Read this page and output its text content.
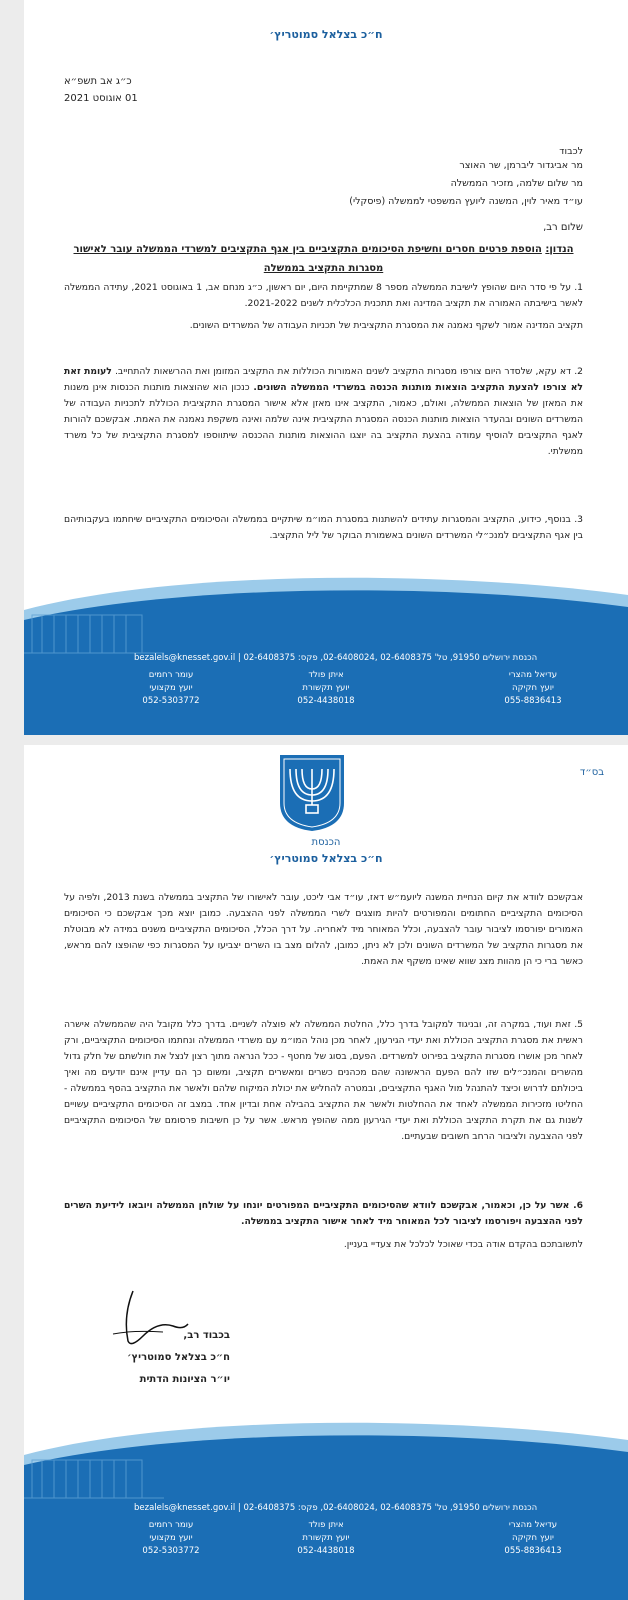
ח״כ בצלאל סמוטריץ׳
כ״ג אב תשפ״א
01 אוגוסט 2021
לכבוד
מר אביגדור ליברמן, שר האוצר
מר שלום שלמה, מזכיר הממשלה
עו״ד מאיר לוין, המשנה ליועץ המשפטי לממשלה (פיסקלי)
שלום רב,
הנדון: הוספת פרטים חסרים וחשיפת הסיכומים התקציביים בין אגף התקציבים למשרדי הממשלה עובר לאישור מסגרות התקציב בממשלה
1. על פי סדר היום שהופץ לישיבת הממשלה מספר 8 שמתקיימת היום, יום ראשון, כ״ג מנחם אב, 1 באוגוסט 2021, עתידה הממשלה לאשר בישיבתה האמורה את תקציב המדינה ואת תתכנית הכלכלית לשנים 2021-2022.
תקציב המדינה אמור לשקף נאמנה את המסגרת התקציבית של תכניות העבודה של המשרדים השונים.
2. דא עקא, שלסדר היום צורפו מסגרות התקציב לשנים האמורות הכוללות את התקציב המזומן ואת ההרשאות להתחייב. לעומת זאת לא צורפו להצעת התקציב הוצאות מותנות הכנסה במשרדי הממשלה השונים. כנכון הוא שהוצאות מותנות הכנסות אינן משנות את המאזן של הוצאות הממשלה, ואולם, כאמור, התקציב אינו מאזן אלא אישור המסגרת התקציבית הכוללת לתכניות העבודה של המשרדים השונים ובהעדר הוצאות מותנות הכנסה המסגרת התקציבית אינה שלמה ואינה משקפת נאמנה את האמת. אבקשכם להורות לאגף התקציבים להוסיף עמודה בהצעת התקציב בה יוצגו ההוצאות מותנות ההכנסה שיתווספו למסגרת התקציבית של כל משרד ממשלתי.
3. בנוסף, כידוע, התקציב והמסגרות עתידים להשתנות במסגרת המו״מ שיתקיים בממשלה והסיכומים התקציביים שיחתמו בעקבותיהם בין אגף התקציבים למנכ״לי המשרדים השונים באשמורת הבוקר של ליל התקציב.
הכנסת ירושלים 91950, טל' 02-6408375 ,02-6408024, פקס: bezalels@knesset.gov.il | 02-6408375
עדיאל מהצרי
יועץ חקיקה
055-8836413
איתן פולד
יועץ תקשורת
052-4438018
עומר רחמים
יועץ מקצועי
052-5303772
בס״ד
הכנסת
ח״כ בצלאל סמוטריץ׳
אבקשכם לוודא את קיום הנחיית המשנה ליועמ״ש דאז, עו״ד אבי ליכט, עובר לאישורו של התקציב בממשלה בשנת 2013, ולפיה על הסיכומים התקציביים החתומים והמפורטים להיות מוצגים לשרי הממשלה לפני ההצבעה. כמובן יוצא מכך אבקשכם כי הסיכומים האמורים יפורסמו לציבור עובר להצבעה, וכלל המאוחר מיד לאחריה. על דרך הכלל, הסיכומים התקציביים משנים במידה לא מבוטלת את מסגרות התקציב של המשרדים השונים ולכן לא ניתן, כמובן, להלום מצב בו השרים יצביעו על המסגרות כפי שהופצו להם מראש, כאשר ברי כי הן מהוות מצג שווא שאינו משקף את האמת.
5. זאת ועוד, במקרה זה, ובניגוד למקובל בדרך כלל, החלטת הממשלה לא פוצלה לשניים. בדרך כלל מקובל היה שהממשלה אישרה ראשית את מסגרת התקציב הכוללת ואת יעדי הגירעון, לאחר מכן נוהל המו״מ עם משרדי הממשלה ונחתמו הסיכומים התקציביים, ורק לאחר מכן אושרו מסגרות התקציב בפירוט למשרדים. הפעם, בסוג של מחטף - ככל הנראה מתוך רצון לנצל את חולשתם של חלק גדול מהשרים והמנכ״לים שזו להם הפעם הראשונה שהם מכהנים כשרים ומאשרים תקציב, ומשום כך הם עדיין אינם יודעים מה ואיך ביכולתם לדרוש וכיצד להתנהל מול האגף התקציבים, ובמטרה להחליש את יכולת המיקוח שלהם ולאשר את התקציב בהסף בממשלה - החליטו מזכירות הממשלה לאחד את ההחלטות ולאשר את התקציב בהבילה אחת ובדיון אחד. במצב זה הסיכומים התקציביים עשויים לשנות גם את תקרת התקציב הכוללת ואת יעדי הגירעון ממה שהופץ מראש. אשר על כן חשיבות פרסומם של הסיכומים התקציביים לפני ההצבעה ולציבור הרחב חשובים שבעתיים.
6. אשר על כן, וכאמור, אבקשכם לוודא שהסיכומים התקציביים המפורטים יונחו על שולחן הממשלה ויובאו לידיעת השרים לפני ההצבעה ויפורסמו לציבור לכל המאוחר מיד לאחר אישור התקציב בממשלה.
לתשובתכם בהקדם אודה בכדי שאוכל לכלכל את צעדיי בעניין.
בכבוד רב,
ח״כ בצלאל סמוטריץ׳
יו״ר הציונות הדתית
הכנסת ירושלים 91950, טל' 02-6408375 ,02-6408024, פקס: bezalels@knesset.gov.il | 02-6408375
עדיאל מהצרי
יועץ חקיקה
055-8836413
איתן פולד
יועץ תקשורת
052-4438018
עומר רחמים
יועץ מקצועי
052-5303772
